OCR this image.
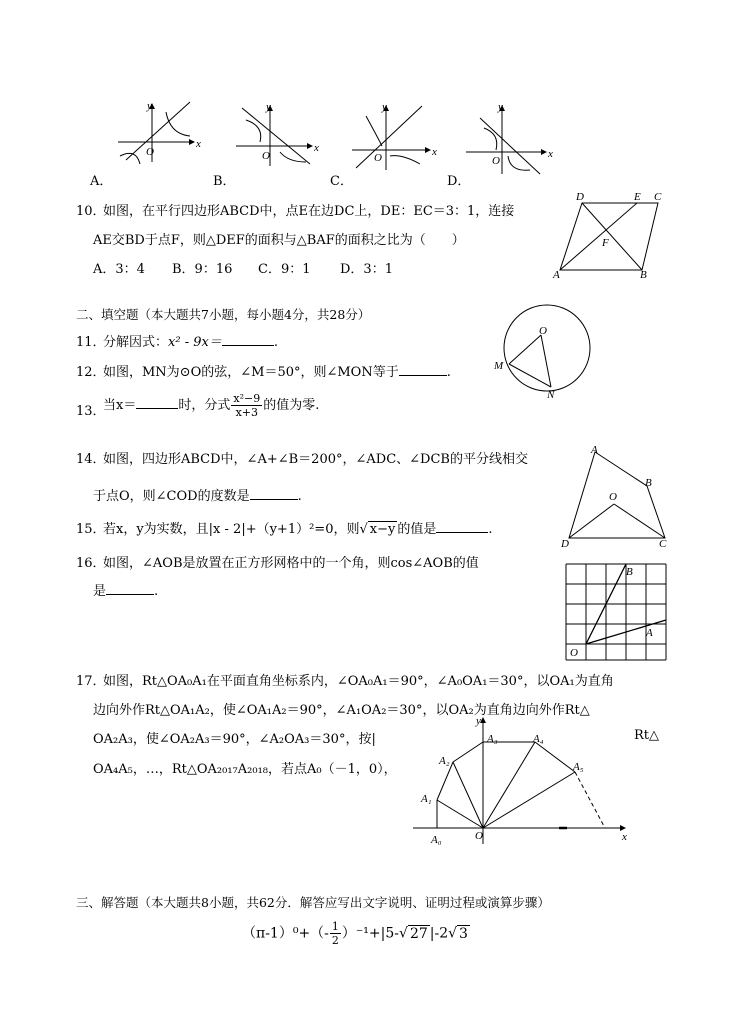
O
x
y
O
x
y
O	x
y
O
x
y
A．	B．	C．	D．
10．
如图，在平行四边形ABCD中，点E在边DC上，DE：EC＝3：1，连接
AE交BD于点F，则△DEF的面积与△BAF的面积之比为（　　）
A．3：4 B．9：16 C．9：1 D．3：1
D	E C
F
A	B
二、填空题（本大题共7小题，每小题4分，共28分）
11．
分解因式：x² - 9x＝	.
12．
如图，MN为⊙O的弦，∠M＝50°，则∠MON等于	.
O
M
N
13．
当x＝	时，分式 $\frac{\text{x²−9}}{x+3}$ 的值为零.
14．
如图，四边形ABCD中，∠A+∠B＝200°，∠ADC、∠DCB的平分线相交
于点O，则∠COD的度数是	.
A
B
O
D	C
15．
若x，y为实数，且|x - 2|+（y+1）²=0，则√ x−y 的值是	.
16．
如图，∠AOB是放置在正方形网格中的一个角，则cos∠AOB的值
是	.
B
A
O
17．
如图，Rt△OA₀A₁在平面直角坐标系内，∠OA₀A₁＝90°，∠A₀OA₁＝30°，以OA₁为直角
边向外作Rt△OA₁A₂，使∠OA₁A₂＝90°，∠A₁OA₂＝30°，以OA₂为直角边向外作Rt△
OA₂A₃，使∠OA₂A₃＝90°，∠A₂OA₃＝30°，按|	Rt△
OA₄A₅，…，Rt△OA₂₀₁₇A₂₀₁₈，若点A₀（－1，0），
y
A₃	A₄
A₂	A₅
A₁
A₀	O	x
三、解答题（本大题共8小题，共62分．解答应写出文字说明、证明过程或演算步骤）
$(\pi-1)^0+(- \frac{1}{2} )^{-1}+|5-√$ 27 |-2√ 3
